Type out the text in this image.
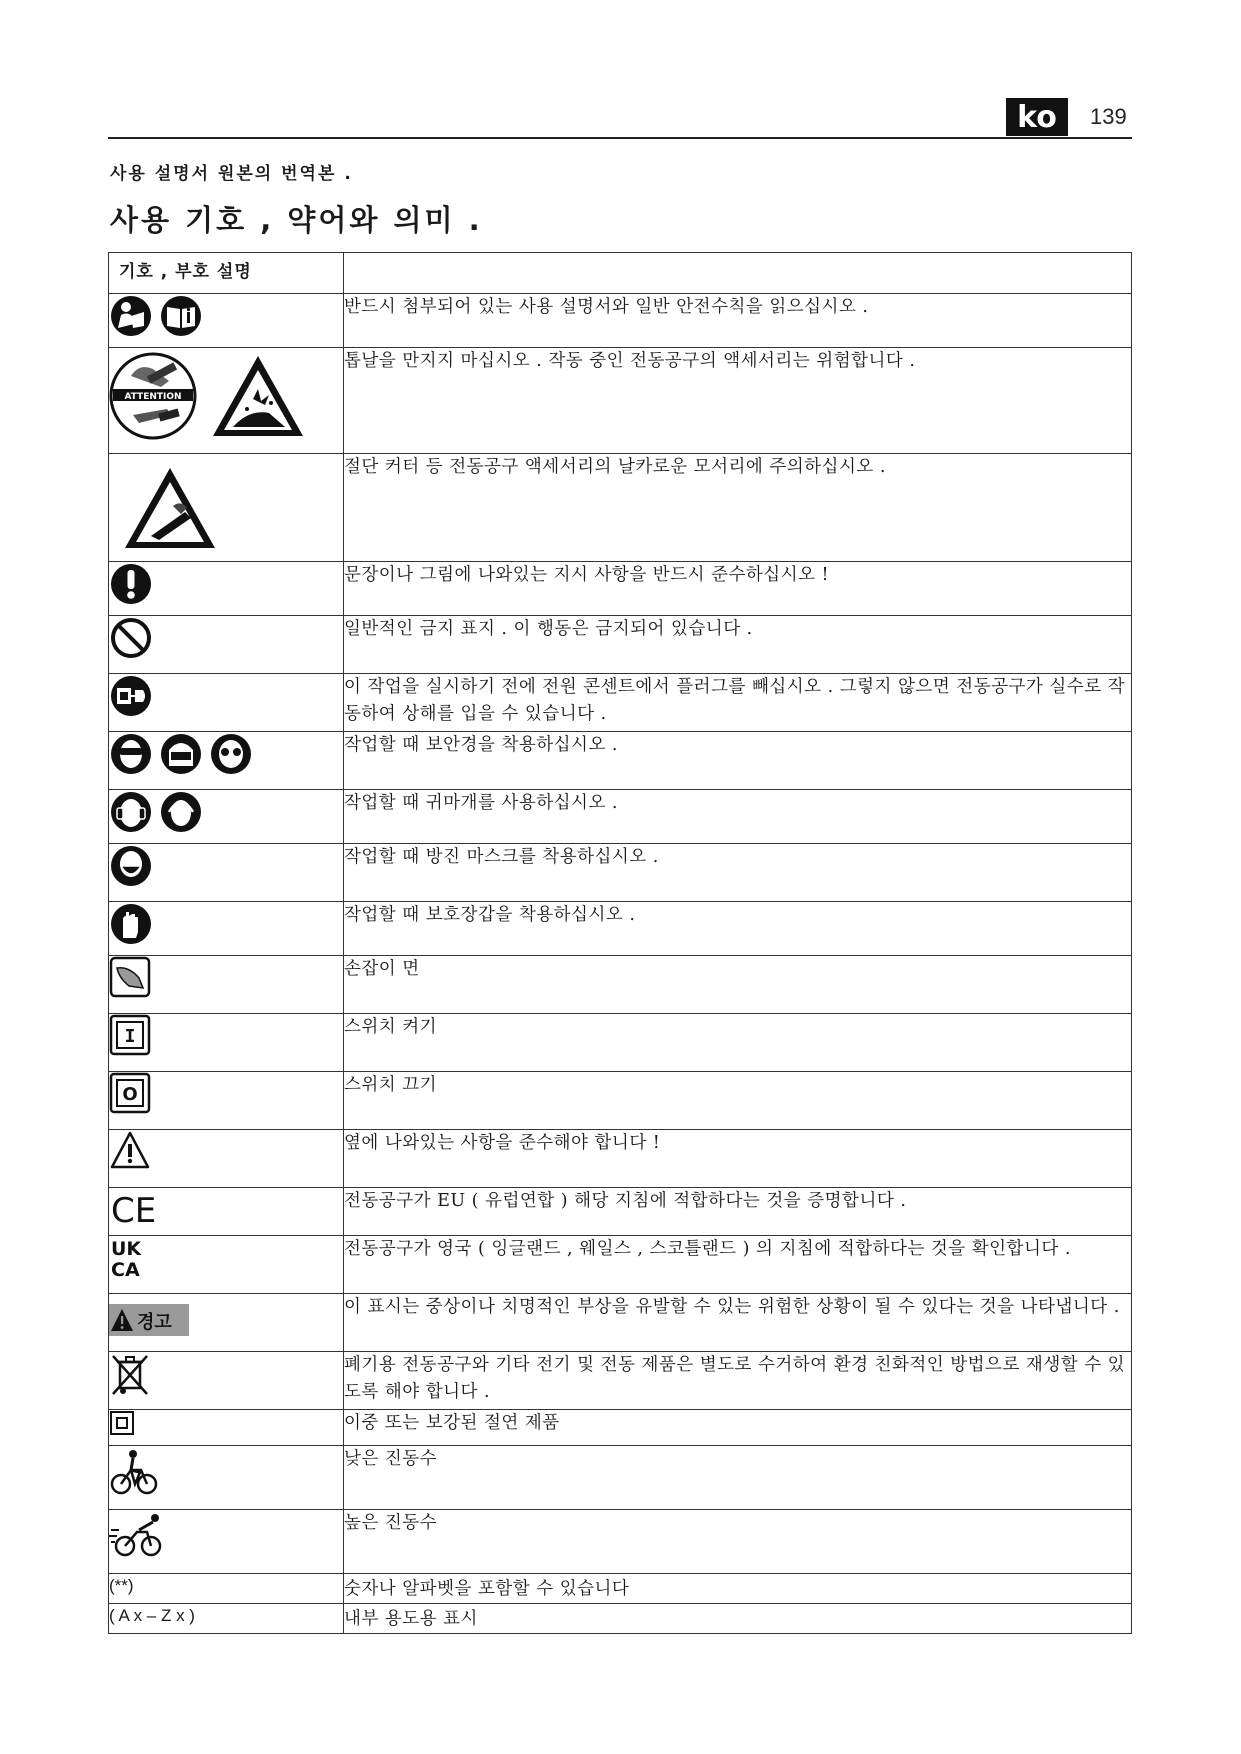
ko	139
사용 설명서 원본의 번역본 .
사용 기호 , 약어와 의미 .
기호 , 부호 설명	

	반드시 첨부되어 있는 사용 설명서와 일반 안전수칙을 읽으십시오 .

ATTENTION	톱날을 만지지 마십시오 . 작동 중인 전동공구의 액세서리는 위험합니다 .

	절단 커터 등 전동공구 액세서리의 날카로운 모서리에 주의하십시오 .

	문장이나 그림에 나와있는 지시 사항을 반드시 준수하십시오 !

	일반적인 금지 표지 . 이 행동은 금지되어 있습니다 .

	이 작업을 실시하기 전에 전원 콘센트에서 플러그를 빼십시오 . 그렇지 않으면 전동공구가 실수로 작동하여 상해를 입을 수 있습니다 .

	작업할 때 보안경을 착용하십시오 .

	작업할 때 귀마개를 사용하십시오 .

	작업할 때 방진 마스크를 착용하십시오 .

	작업할 때 보호장갑을 착용하십시오 .

	손잡이 면

I	스위치 켜기

O	스위치 끄기

	옆에 나와있는 사항을 준수해야 합니다 !

CE	전동공구가 EU ( 유럽연합 ) 해당 지침에 적합하다는 것을 증명합니다 .

UK
CA	전동공구가 영국 ( 잉글랜드 , 웨일스 , 스코틀랜드 ) 의 지침에 적합하다는 것을 확인합니다 .

경고	이 표시는 중상이나 치명적인 부상을 유발할 수 있는 위험한 상황이 될 수 있다는 것을 나타냅니다 .

	폐기용 전동공구와 기타 전기 및 전동 제품은 별도로 수거하여 환경 친화적인 방법으로 재생할 수 있도록 해야 합니다 .

	이중 또는 보강된 절연 제품

	낮은 진동수

	높은 진동수

(**)	숫자나 알파벳을 포함할 수 있습니다

( A x – Z x )	내부 용도용 표시
